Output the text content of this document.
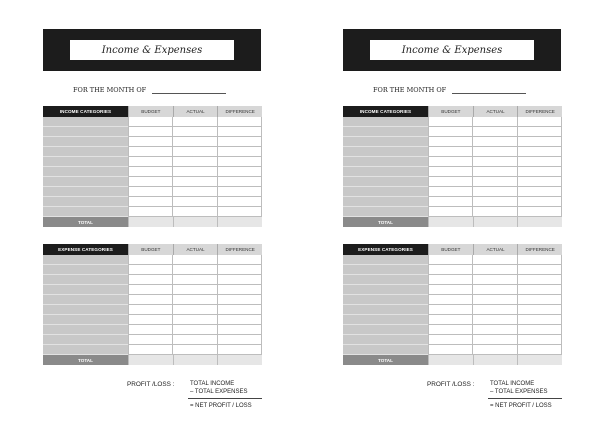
Income & Expenses
FOR THE MONTH OF
INCOME CATEGORIES	BUDGET	ACTUAL	DIFFERENCE
TOTAL
EXPENSE CATEGORIES	BUDGET	ACTUAL	DIFFERENCE
TOTAL
PROFIT /LOSS :	TOTAL INCOME
– TOTAL EXPENSES
= NET PROFIT / LOSS
Income & Expenses
FOR THE MONTH OF
INCOME CATEGORIES	BUDGET	ACTUAL	DIFFERENCE
TOTAL
EXPENSE CATEGORIES	BUDGET	ACTUAL	DIFFERENCE
TOTAL
PROFIT /LOSS :	TOTAL INCOME
– TOTAL EXPENSES
= NET PROFIT / LOSS
